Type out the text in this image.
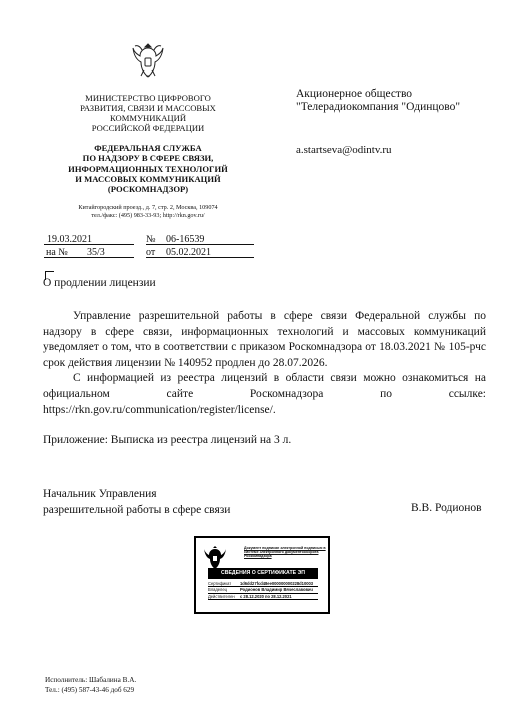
МИНИСТЕРСТВО ЦИФРОВОГО
РАЗВИТИЯ, СВЯЗИ И МАССОВЫХ
КОММУНИКАЦИЙ
РОССИЙСКОЙ ФЕДЕРАЦИИ
ФЕДЕРАЛЬНАЯ СЛУЖБА
ПО НАДЗОРУ В СФЕРЕ СВЯЗИ,
ИНФОРМАЦИОННЫХ ТЕХНОЛОГИЙ
И МАССОВЫХ КОММУНИКАЦИЙ
(РОСКОМНАДЗОР)
Китайгородский проезд., д. 7, стр. 2, Москва, 109074
тел./факс: (495) 983-33-93; http://rkn.gov.ru/
Акционерное общество
"Телерадиокомпания "Одинцово"
a.startseva@odintv.ru
19.03.2021	№ 06-16539
на № 35/3	от 05.02.2021
О продлении лицензии

Управление разрешительной работы в сфере связи Федеральной службы по надзору в сфере связи, информационных технологий и массовых коммуникаций уведомляет о том, что в соответствии с приказом Роскомнадзора от 18.03.2021 № 105-рчс срок действия лицензии № 140952 продлен до 28.07.2026.

С информацией из реестра лицензий в области связи можно ознакомиться на официальном сайте Роскомнадзора по ссылке: https://rkn.gov.ru/communication/register/license/.

Приложение: Выписка из реестра лицензий на 3 л.
Начальник Управления
разрешительной работы в сфере связи	В.В. Родионов
Документ подписан электронной подписью в системе электронного документооборота Роскомнадзора
СВЕДЕНИЯ О СЕРТИФИКАТЕ ЭП
Сертификат	1d6dd27fcd48ee000000000228d10003
Владелец	Родионов Владимир Вячеславович
Действителен	с 28.12.2020 по 28.12.2021
Исполнитель: Шабалина В.А.
Тел.: (495) 587-43-46 доб 629
